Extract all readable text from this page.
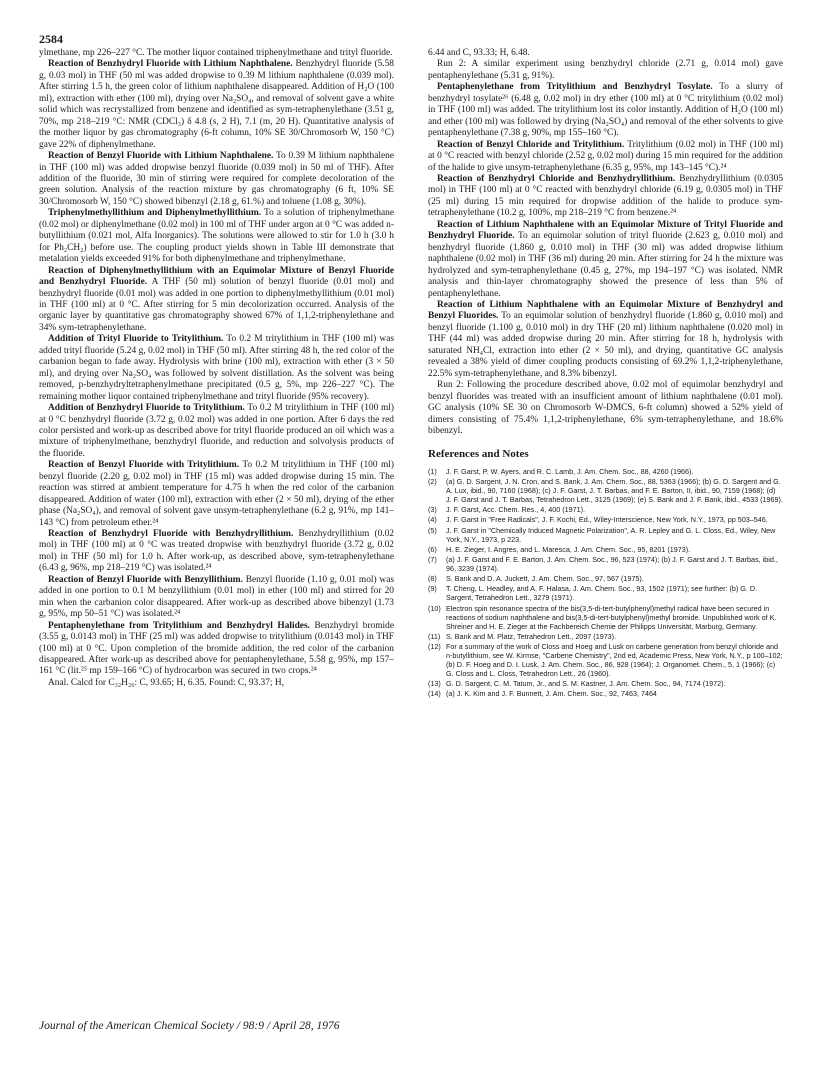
2584

ylmethane, mp 226–227 °C. The mother liquor contained triphenylmethane and trityl fluoride.

Reaction of Benzhydryl Fluoride with Lithium Naphthalene. Benzhydryl fluoride (5.58 g, 0.03 mol) in THF (50 ml was added dropwise to 0.39 M lithium naphthalene (0.039 mol). After stirring 1.5 h, the green color of lithium naphthalene disappeared. Addition of H₂O (100 ml), extraction with ether (100 ml), drying over Na₂SO₄, and removal of solvent gave a white solid which was recrystallized from benzene and identified as sym-tetraphenylethane (3.51 g, 70%, mp 218–219 °C: NMR (CDCl₃) δ 4.8 (s, 2 H), 7.1 (m, 20 H). Quantitative analysis of the mother liquor by gas chromatography (6-ft column, 10% SE 30/Chromosorb W, 150 °C) gave 22% of diphenylmethane.

Reaction of Benzyl Fluoride with Lithium Naphthalene. To 0.39 M lithium naphthalene in THF (100 ml) was added dropwise benzyl fluoride (0.039 mol) in 50 ml of THF). After addition of the fluoride, 30 min of stirring were required for complete decoloration of the green solution. Analysis of the reaction mixture by gas chromatography (6 ft, 10% SE 30/Chromosorb W, 150 °C) showed bibenzyl (2.18 g, 61.%) and toluene (1.08 g, 30%).

Triphenylmethyllithium and Diphenylmethyllithium. To a solution of triphenylmethane (0.02 mol) or diphenylmethane (0.02 mol) in 100 ml of THF under argon at 0 °C was added n-butyllithium (0.021 mol, Alfa Inorganics). The solutions were allowed to stir for 1.0 h (3.0 h for Ph₂CH₂) before use. The coupling product yields shown in Table III demonstrate that metalation yields exceeded 91% for both diphenylmethane and triphenylmethane.

Reaction of Diphenylmethyllithium with an Equimolar Mixture of Benzyl Fluoride and Benzhydryl Fluoride. A THF (50 ml) solution of benzyl fluoride (0.01 mol) and benzhydryl fluoride (0.01 mol) was added in one portion to diphenylmethyllithium (0.01 mol) in THF (100 ml) at 0 °C. After stirring for 5 min decolorization occurred. Analysis of the organic layer by quantitative gas chromatography showed 67% of 1,1,2-triphenylethane and 34% sym-tetraphenylethane.

Addition of Trityl Fluoride to Tritylithium. To 0.2 M tritylithium in THF (100 ml) was added trityl fluoride (5.24 g, 0.02 mol) in THF (50 ml). After stirring 48 h, the red color of the carbanion began to fade away. Hydrolysis with brine (100 ml), extraction with ether (3 × 50 ml), and drying over Na₂SO₄ was followed by solvent distillation. As the solvent was being removed, p-benzhydryltetraphenylmethane precipitated (0.5 g, 5%, mp 226–227 °C). The remaining mother liquor contained triphenylmethane and trityl fluoride (95% recovery).

Addition of Benzhydryl Fluoride to Tritylithium. To 0.2 M tritylithium in THF (100 ml) at 0 °C benzhydryl fluoride (3.72 g, 0.02 mol) was added in one portion. After 6 days the red color persisted and work-up as described above for trityl fluoride produced an oil which was a mixture of triphenylmethane, benzhydryl fluoride, and reduction and solvolysis products of the fluoride.

Reaction of Benzyl Fluoride with Tritylithium. To 0.2 M tritylithium in THF (100 ml) benzyl fluoride (2.20 g, 0.02 mol) in THF (15 ml) was added dropwise during 15 min. The reaction was stirred at ambient temperature for 4.75 h when the red color of the carbanion disappeared. Addition of water (100 ml), extraction with ether (2 × 50 ml), drying of the ether phase (Na₂SO₄), and removal of solvent gave unsym-tetraphenylethane (6.2 g, 91%, mp 141–143 °C) from petroleum ether.²⁴

Reaction of Benzhydryl Fluoride with Benzhydryllithium. Benzhydryllithium (0.02 mol) in THF (100 ml) at 0 °C was treated dropwise with benzhydryl fluoride (3.72 g, 0.02 mol) in THF (50 ml) for 1.0 h. After work-up, as described above, sym-tetraphenylethane (6.43 g, 96%, mp 218–219 °C) was isolated.²⁴

Reaction of Benzyl Fluoride with Benzyllithium. Benzyl fluoride (1.10 g, 0.01 mol) was added in one portion to 0.1 M benzyllithium (0.01 mol) in ether (100 ml) and stirred for 20 min when the carbanion color disappeared. After work-up as described above bibenzyl (1.73 g, 95%, mp 50–51 °C) was isolated.²⁴

Pentaphenylethane from Tritylithium and Benzhydryl Halides. Benzhydryl bromide (3.55 g, 0.0143 mol) in THF (25 ml) was added dropwise to tritylithium (0.0143 mol) in THF (100 ml) at 0 °C. Upon completion of the bromide addition, the red color of the carbanion disappeared. After work-up as described above for pentaphenylethane, 5.58 g, 95%, mp 157–161 °C (lit.²⁵ mp 159–166 °C) of hydrocarbon was secured in two crops.²⁴

Anal. Calcd for C₃₂H₂₆: C, 93.65; H, 6.35. Found: C, 93.37; H,

6.44 and C, 93.33; H, 6.48.

Run 2: A similar experiment using benzhydryl chloride (2.71 g, 0.014 mol) gave pentaphenylethane (5.31 g, 91%).

Pentaphenylethane from Tritylithium and Benzhydryl Tosylate. To a slurry of benzhydryl tosylate²⁶ (6.48 g, 0.02 mol) in dry ether (100 ml) at 0 °C tritylithium (0.02 mol) in THF (100 ml) was added. The tritylithium lost its color instantly. Addition of H₂O (100 ml) and ether (100 ml) was followed by drying (Na₂SO₄) and removal of the ether solvents to give pentaphenylethane (7.38 g, 90%, mp 155–160 °C).

Reaction of Benzyl Chloride and Tritylithium. Tritylithium (0.02 mol) in THF (100 ml) at 0 °C reacted with benzyl chloride (2.52 g, 0.02 mol) during 15 min required for the addition of the halide to give unsym-tetraphenylethane (6.35 g, 95%, mp 143–145 °C).²⁴

Reaction of Benzhydryl Chloride and Benzhydryllithium. Benzhydryllithium (0.0305 mol) in THF (100 ml) at 0 °C reacted with benzhydryl chloride (6.19 g, 0.0305 mol) in THF (25 ml) during 15 min required for dropwise addition of the halide to produce sym-tetraphenylethane (10.2 g, 100%, mp 218–219 °C from benzene.²⁴

Reaction of Lithium Naphthalene with an Equimolar Mixture of Trityl Fluoride and Benzhydryl Fluoride. To an equimolar solution of trityl fluoride (2.623 g, 0.010 mol) and benzhydryl fluoride (1.860 g, 0.010 mol) in THF (30 ml) was added dropwise lithium naphthalene (0.02 mol) in THF (36 ml) during 20 min. After stirring for 24 h the mixture was hydrolyzed and sym-tetraphenylethane (0.45 g, 27%, mp 194–197 °C) was isolated. NMR analysis and thin-layer chromatography showed the presence of less than 5% of pentaphenylethane.

Reaction of Lithium Naphthalene with an Equimolar Mixture of Benzhydryl and Benzyl Fluorides. To an equimolar solution of benzhydryl fluoride (1.860 g, 0.010 mol) and benzyl fluoride (1.100 g, 0.010 mol) in dry THF (20 ml) lithium naphthalene (0.020 mol) in THF (44 ml) was added dropwise during 20 min. After stirring for 18 h, hydrolysis with saturated NH₄Cl, extraction into ether (2 × 50 ml), and drying, quantitative GC analysis revealed a 38% yield of dimer coupling products consisting of 69.2% 1,1,2-triphenylethane, 22.5% sym-tetraphenylethane, and 8.3% bibenzyl.

Run 2: Following the procedure described above, 0.02 mol of equimolar benzhydryl and benzyl fluorides was treated with an insufficient amount of lithium naphthalene (0.01 mol). GC analysis (10% SE 30 on Chromosorb W-DMCS, 6-ft column) showed a 52% yield of dimers consisting of 75.4% 1,1,2-triphenylethane, 6% sym-tetraphenylethane, and 18.6% bibenzyl.

References and Notes
(1)	J. F. Garst, P. W. Ayers, and R. C. Lamb, J. Am. Chem. Soc., 88, 4260 (1966).
(2)	(a) G. D. Sargent, J. N. Cron, and S. Bank, J. Am. Chem. Soc., 88, 5363 (1966); (b) G. D. Sargent and G. A. Lux, ibid., 90, 7160 (1968); (c) J. F. Garst, J. T. Barbas, and F. E. Barton, II, ibid., 90, 7159 (1968); (d) J. F. Garst and J. T. Barbas, Tetrahedron Lett., 3125 (1969); (e) S. Bank and J. F. Bank, ibid., 4533 (1969).
(3)	J. F. Garst, Acc. Chem. Res., 4, 400 (1971).
(4)	J. F. Garst in "Free Radicals", J. F. Kochi, Ed., Wiley-Interscience, New York, N.Y., 1973, pp 503–546.
(5)	J. F. Garst in "Chemically Induced Magnetic Polarization", A. R. Lepley and G. L. Closs, Ed., Wiley, New York, N.Y., 1973, p 223.
(6)	H. E. Zieger, I. Angres, and L. Maresca, J. Am. Chem. Soc., 95, 8201 (1973).
(7)	(a) J. F. Garst and F. E. Barton, J. Am. Chem. Soc., 96, 523 (1974); (b) J. F. Garst and J. T. Barbas, ibid., 96, 3239 (1974).
(8)	S. Bank and D. A. Juckett, J. Am. Chem. Soc., 97, 567 (1975).
(9)	T. Cheng, L. Headley, and A. F. Halasa, J. Am. Chem. Soc., 93, 1502 (1971); see further: (b) G. D. Sargent, Tetrahedron Lett., 3279 (1971).
(10) Electron spin resonance spectra of the bis(3,5-di-tert-butylphenyl)methyl radical have been secured in reactions of sodium naphthalene and bis(3,5-di-tert-butylphenyl)methyl bromide. Unpublished work of K. Shreiner and H. E. Zieger at the Fachbereich Chemie der Philipps Universität, Marburg, Germany.
(11) S. Bank and M. Platz, Tetrahedron Lett., 2097 (1973).
(12) For a summary of the work of Closs and Hoeg and Lusk on carbene generation from benzyl chloride and n-butyllithium, see W. Kirmse, "Carbene Chemistry", 2nd ed, Academic Press, New York, N.Y., p 100–102; (b) D. F. Hoeg and D. I. Lusk, J. Am. Chem. Soc., 86, 928 (1964); J. Organomet. Chem., 5, 1 (1966); (c) G. Closs and L. Closs, Tetrahedron Lett., 26 (1960).
(13) G. D. Sargent, C. M. Tatum, Jr., and S. M. Kastner, J. Am. Chem. Soc., 94, 7174 (1972).
(14) (a) J. K. Kim and J. F. Bunnett, J. Am. Chem. Soc., 92, 7463, 7464
Journal of the American Chemical Society / 98:9 / April 28, 1976
